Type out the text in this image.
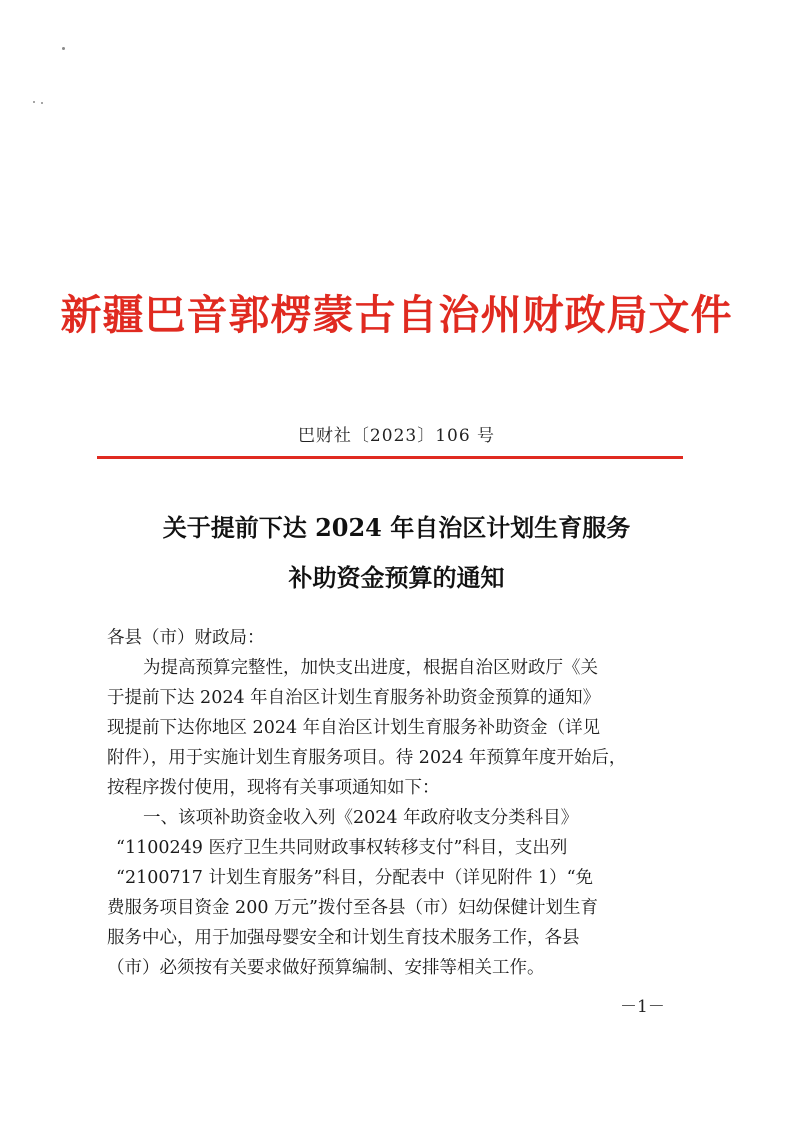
新疆巴音郭楞蒙古自治州财政局文件
巴财社〔2023〕106 号
关于提前下达 2024 年自治区计划生育服务
补助资金预算的通知
各县（市）财政局：
为提高预算完整性，加快支出进度，根据自治区财政厅《关
于提前下达 2024 年自治区计划生育服务补助资金预算的通知》
现提前下达你地区 2024 年自治区计划生育服务补助资金（详见
附件），用于实施计划生育服务项目。待 2024 年预算年度开始后，
按程序拨付使用，现将有关事项通知如下：
一、该项补助资金收入列《2024 年政府收支分类科目》
“1100249 医疗卫生共同财政事权转移支付”科目，支出列
“2100717 计划生育服务”科目，分配表中（详见附件 1）“免
费服务项目资金 200 万元”拨付至各县（市）妇幼保健计划生育
服务中心，用于加强母婴安全和计划生育技术服务工作，各县
（市）必须按有关要求做好预算编制、安排等相关工作。
－1－
